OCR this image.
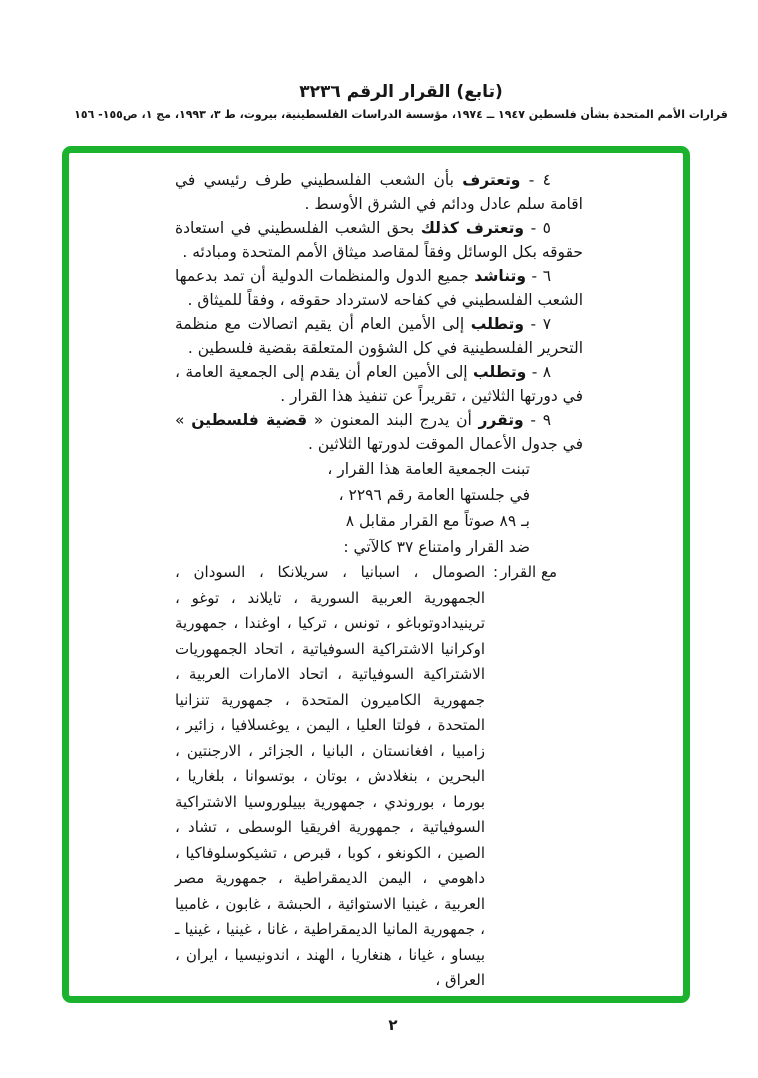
(تابع) القرار الرقم ٣٢٣٦
قرارات الأمم المتحدة بشأن فلسطين ١٩٤٧ ــ ١٩٧٤، مؤسسة الدراسات الفلسطينية، بيروت، ط ٣، ١٩٩٣، مج ١، ص١٥٥- ١٥٦

٤ - وتعترف بأن الشعب الفلسطيني طرف رئيسي في اقامة سلم عادل ودائم في الشرق الأوسط .

٥ - وتعترف كذلك بحق الشعب الفلسطيني في استعادة حقوقه بكل الوسائل وفقاً لمقاصد ميثاق الأمم المتحدة ومبادئه .

٦ - وتناشد جميع الدول والمنظمات الدولية أن تمد بدعمها الشعب الفلسطيني في كفاحه لاسترداد حقوقه ، وفقاً للميثاق .

٧ - وتطلب إلى الأمين العام أن يقيم اتصالات مع منظمة التحرير الفلسطينية في كل الشؤون المتعلقة بقضية فلسطين .

٨ - وتطلب إلى الأمين العام أن يقدم إلى الجمعية العامة ، في دورتها الثلاثين ، تقريراً عن تنفيذ هذا القرار .

٩ - وتقرر أن يدرج البند المعنون « قضية فلسطين » في جدول الأعمال الموقت لدورتها الثلاثين .

تبنت الجمعية العامة هذا القرار ،
في جلستها العامة رقم ٢٢٩٦ ،
بـ ٨٩ صوتاً مع القرار مقابل ٨
ضد القرار وامتناع ٣٧ كالآتي :
مع القرار
:
الصومال ، اسبانيا ، سريلانكا ، السودان ، الجمهورية العربية السورية ، تايلاند ، توغو ، ترينيدادوتوباغو ، تونس ، تركيا ، اوغندا ، جمهورية اوكرانيا الاشتراكية السوفياتية ، اتحاد الجمهوريات الاشتراكية السوفياتية ، اتحاد الامارات العربية ، جمهورية الكاميرون المتحدة ، جمهورية تنزانيا المتحدة ، فولتا العليا ، اليمن ، يوغسلافيا ، زائير ، زامبيا ، افغانستان ، البانيا ، الجزائر ، الارجنتين ، البحرين ، بنغلادش ، بوتان ، بوتسوانا ، بلغاريا ، بورما ، بوروندي ، جمهورية بييلوروسيا الاشتراكية السوفياتية ، جمهورية افريقيا الوسطى ، تشاد ، الصين ، الكونغو ، كوبا ، قبرص ، تشيكوسلوفاكيا ، داهومي ، اليمن الديمقراطية ، جمهورية مصر العربية ، غينيا الاستوائية ، الحبشة ، غابون ، غامبيا ، جمهورية المانيا الديمقراطية ، غانا ، غينيا ، غينيا ـ بيساو ، غيانا ، هنغاريا ، الهند ، اندونيسيا ، ايران ، العراق ،
٢
